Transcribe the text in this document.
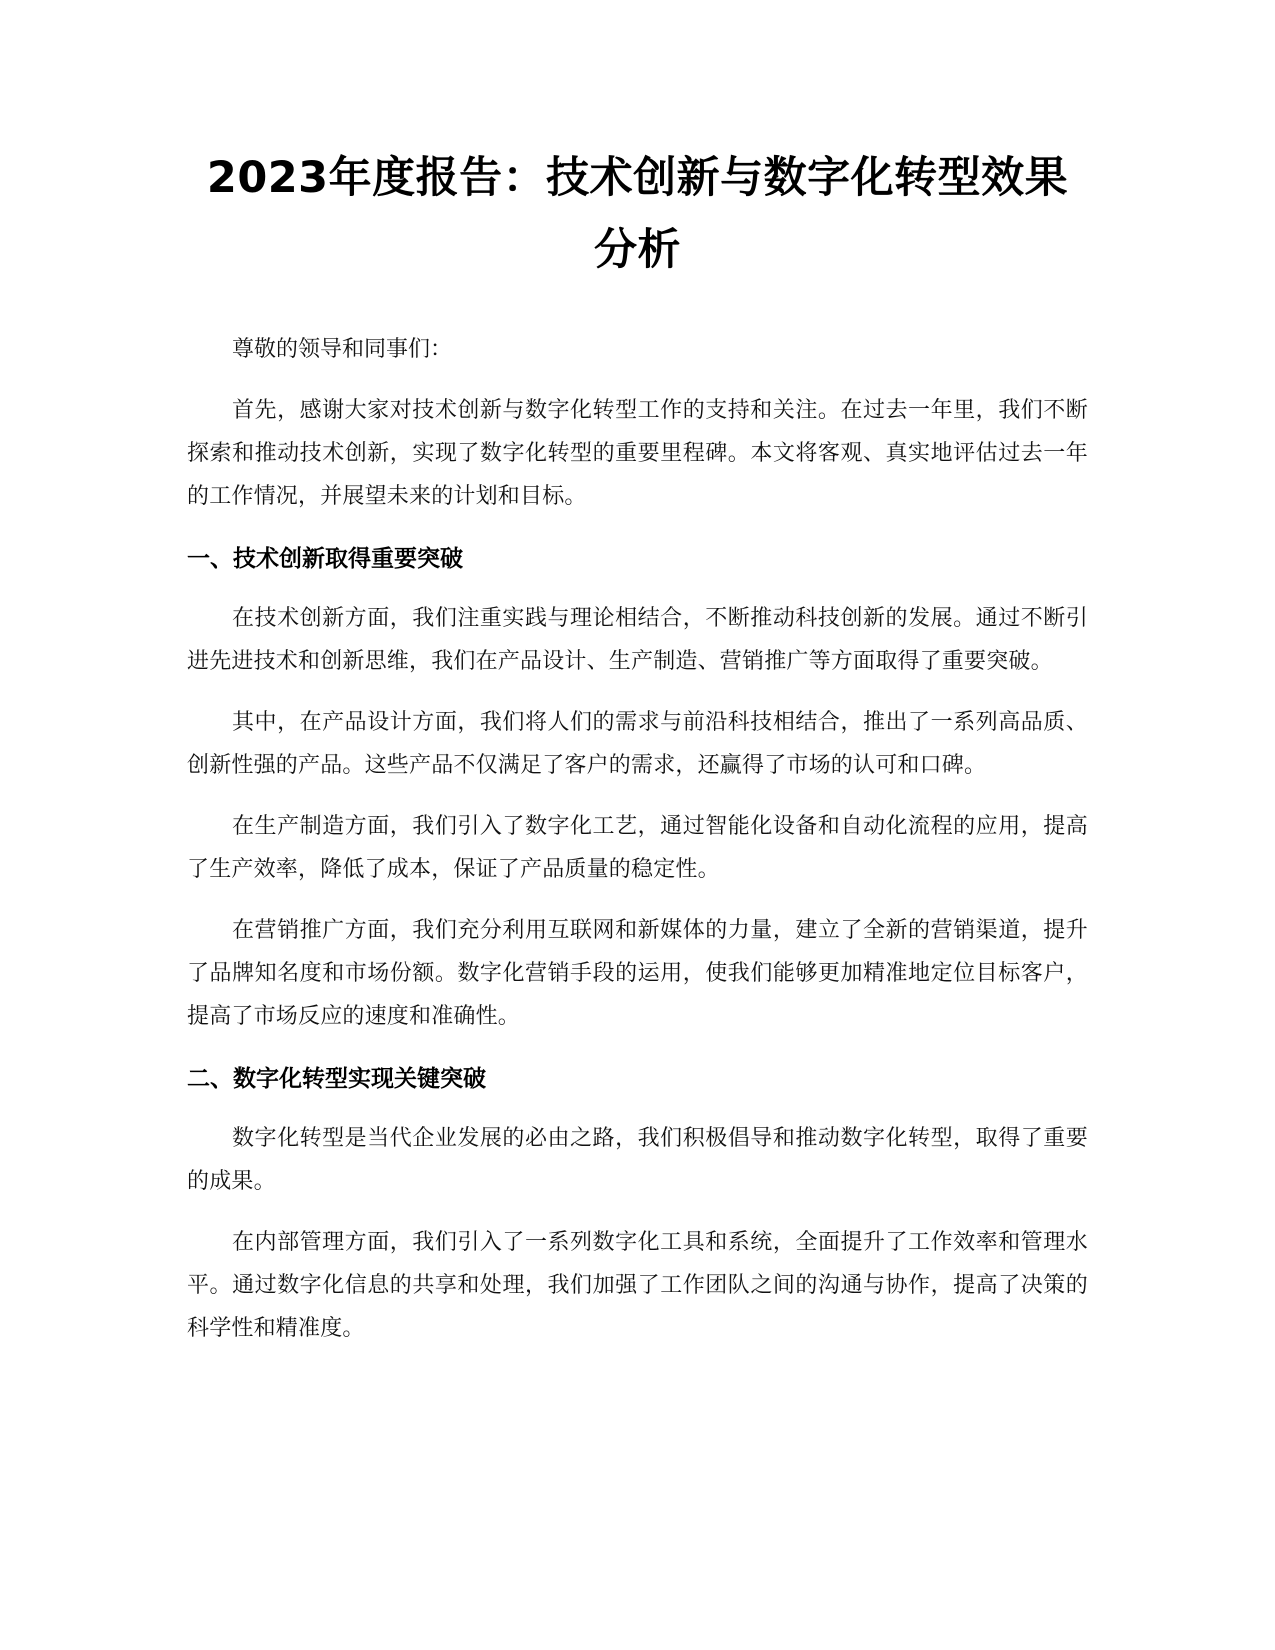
2023年度报告：技术创新与数字化转型效果
分析

尊敬的领导和同事们：

首先，感谢大家对技术创新与数字化转型工作的支持和关注。在过去一年里，我们不断探索和推动技术创新，实现了数字化转型的重要里程碑。本文将客观、真实地评估过去一年的工作情况，并展望未来的计划和目标。

一、技术创新取得重要突破

在技术创新方面，我们注重实践与理论相结合，不断推动科技创新的发展。通过不断引进先进技术和创新思维，我们在产品设计、生产制造、营销推广等方面取得了重要突破。

其中，在产品设计方面，我们将人们的需求与前沿科技相结合，推出了一系列高品质、创新性强的产品。这些产品不仅满足了客户的需求，还赢得了市场的认可和口碑。

在生产制造方面，我们引入了数字化工艺，通过智能化设备和自动化流程的应用，提高了生产效率，降低了成本，保证了产品质量的稳定性。

在营销推广方面，我们充分利用互联网和新媒体的力量，建立了全新的营销渠道，提升了品牌知名度和市场份额。数字化营销手段的运用，使我们能够更加精准地定位目标客户，提高了市场反应的速度和准确性。

二、数字化转型实现关键突破

数字化转型是当代企业发展的必由之路，我们积极倡导和推动数字化转型，取得了重要的成果。

在内部管理方面，我们引入了一系列数字化工具和系统，全面提升了工作效率和管理水平。通过数字化信息的共享和处理，我们加强了工作团队之间的沟通与协作，提高了决策的科学性和精准度。
